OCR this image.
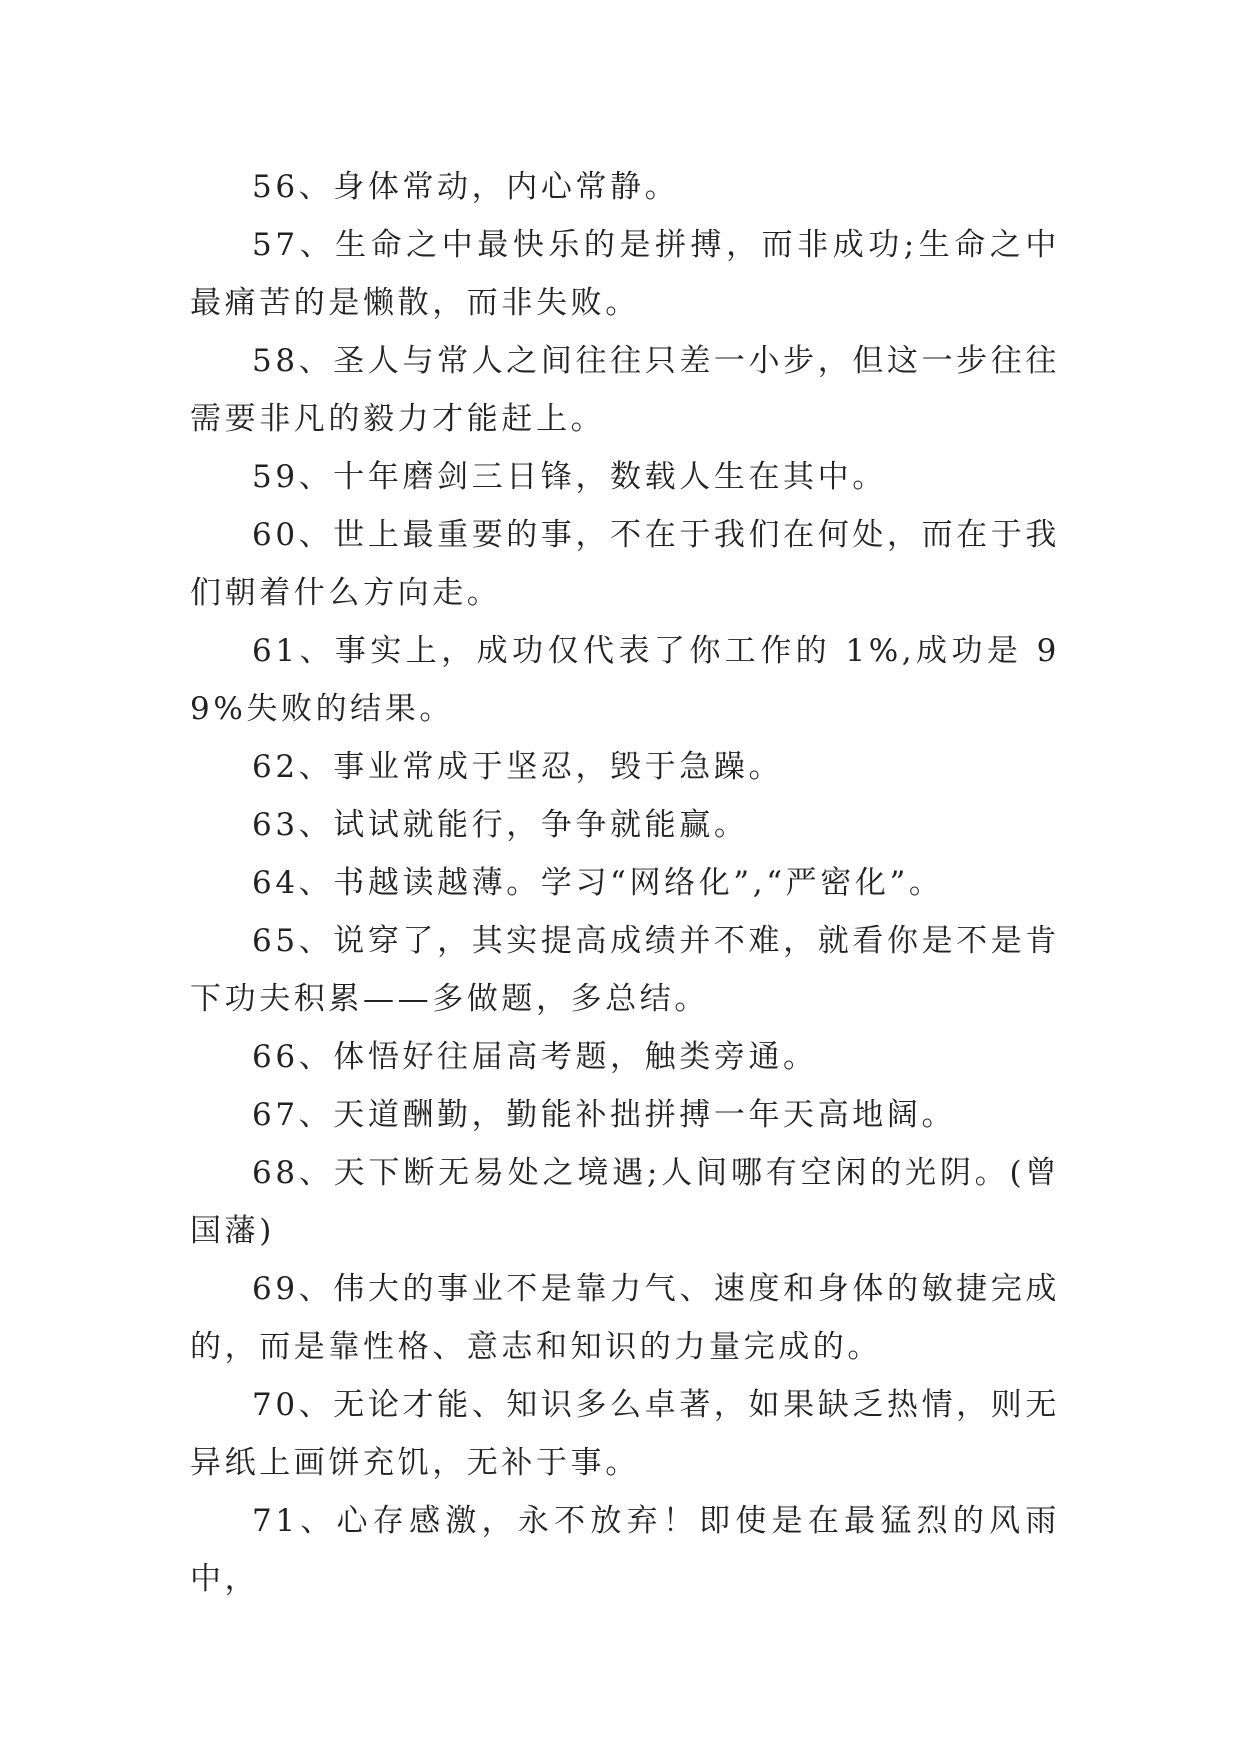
56、身体常动，内心常静。

57、生命之中最快乐的是拼搏，而非成功;生命之中最痛苦的是懒散，而非失败。

58、圣人与常人之间往往只差一小步，但这一步往往需要非凡的毅力才能赶上。

59、十年磨剑三日锋，数载人生在其中。

60、世上最重要的事，不在于我们在何处，而在于我们朝着什么方向走。

61、事实上，成功仅代表了你工作的 1%,成功是 99%失败的结果。

62、事业常成于坚忍，毁于急躁。

63、试试就能行，争争就能赢。

64、书越读越薄。学习“网络化”,“严密化”。

65、说穿了，其实提高成绩并不难，就看你是不是肯下功夫积累——多做题，多总结。

66、体悟好往届高考题，触类旁通。

67、天道酬勤，勤能补拙拼搏一年天高地阔。

68、天下断无易处之境遇;人间哪有空闲的光阴。(曾国藩)

69、伟大的事业不是靠力气、速度和身体的敏捷完成的，而是靠性格、意志和知识的力量完成的。

70、无论才能、知识多么卓著，如果缺乏热情，则无异纸上画饼充饥，无补于事。

71、心存感激，永不放弃！即使是在最猛烈的风雨中，
